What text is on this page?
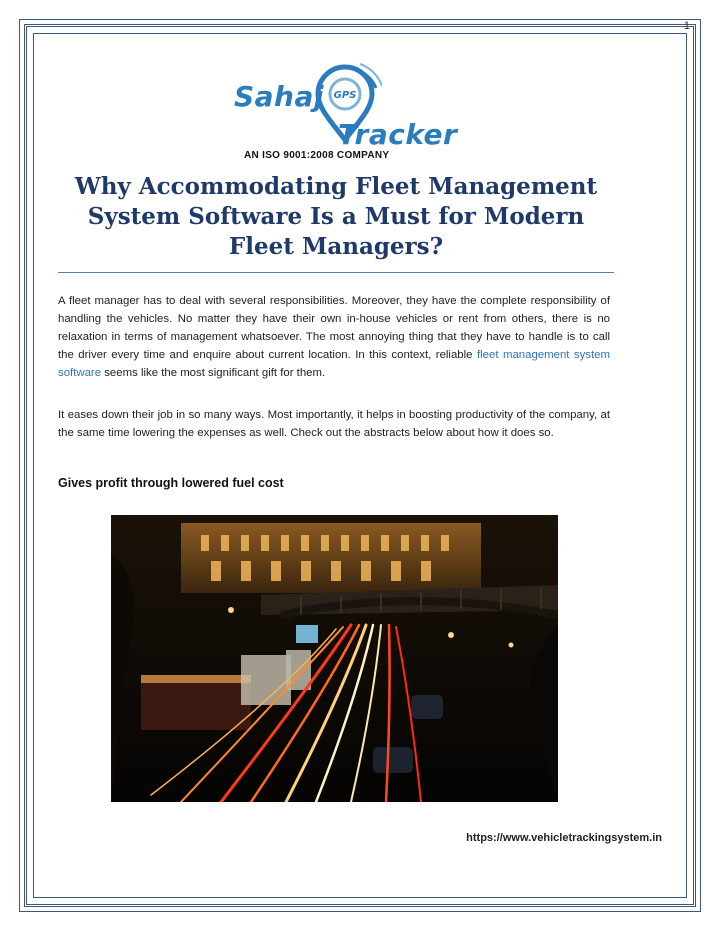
1
Sahaj GPS
Tracker
AN ISO 9001:2008 COMPANY
Why Accommodating Fleet Management
System Software Is a Must for Modern
Fleet Managers?

A fleet manager has to deal with several responsibilities. Moreover, they have the complete responsibility of handling the vehicles. No matter they have their own in-house vehicles or rent from others, there is no relaxation in terms of management whatsoever. The most annoying thing that they have to handle is to call the driver every time and enquire about current location. In this context, reliable fleet management system software seems like the most significant gift for them.

It eases down their job in so many ways. Most importantly, it helps in boosting productivity of the company, at the same time lowering the expenses as well. Check out the abstracts below about how it does so.

Gives profit through lowered fuel cost
https://www.vehicletrackingsystem.in
